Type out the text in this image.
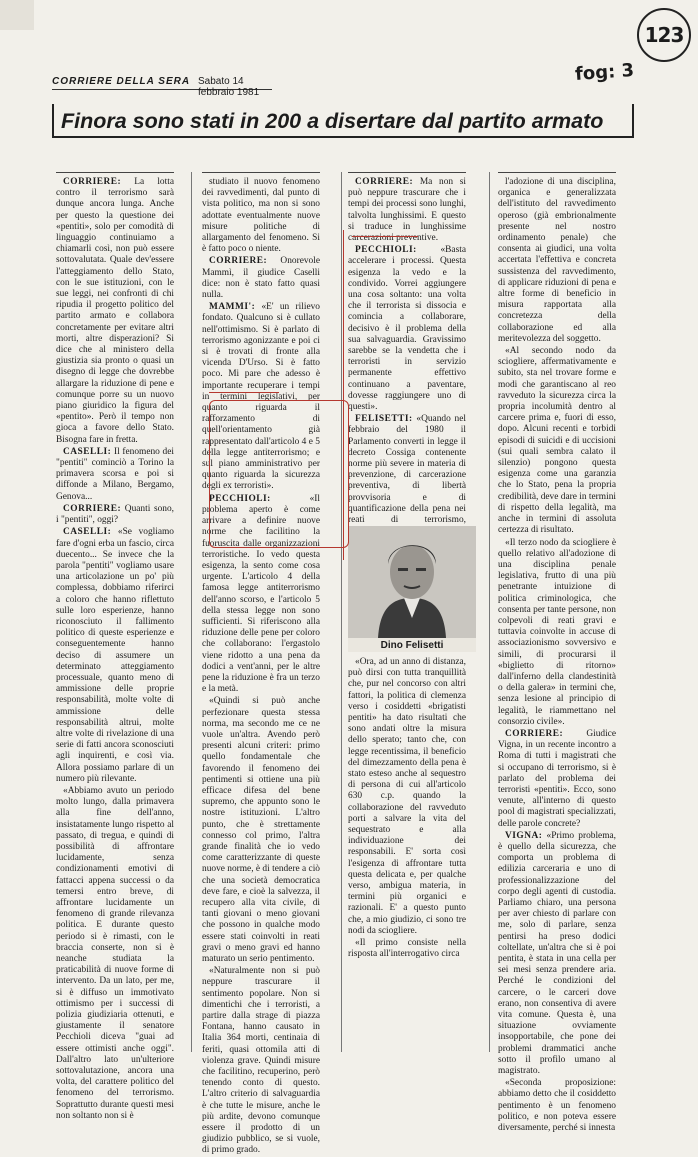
123
fog: 3
CORRIERE DELLA SERA Sabato 14 febbraio 1981
Finora sono stati in 200 a disertare dal partito armato

CORRIERE: La lotta contro il terrorismo sarà dunque ancora lunga. Anche per questo la questione dei «pentiti», solo per comodità di linguaggio continuiamo a chiamarli così, non può essere sottovalutata. Quale dev'essere l'atteggiamento dello Stato, con le sue istituzioni, con le sue leggi, nei confronti di chi ripudia il progetto politico del partito armato e collabora concretamente per evitare altri morti, altre disperazioni? Si dice che al ministero della giustizia sia pronto o quasi un disegno di legge che dovrebbe allargare la riduzione di pene e comunque porre su un nuovo piano giuridico la figura del «pentito». Però il tempo non gioca a favore dello Stato. Bisogna fare in fretta.

CASELLI: Il fenomeno dei "pentiti" cominciò a Torino la primavera scorsa e poi si diffonde a Milano, Bergamo, Genova...

CORRIERE: Quanti sono, i "pentiti", oggi?

CASELLI: «Se vogliamo fare d'ogni erba un fascio, circa duecento... Se invece che la parola "pentiti" vogliamo usare una articolazione un po' più complessa, dobbiamo riferirci a coloro che hanno riflettuto sulle loro esperienze, hanno riconosciuto il fallimento politico di queste esperienze e conseguentemente hanno deciso di assumere un determinato atteggiamento processuale, quanto meno di ammissione delle proprie responsabilità, molte volte di ammissione delle responsabilità altrui, molte altre volte di rivelazione di una serie di fatti ancora sconosciuti agli inquirenti, e così via. Allora possiamo parlare di un numero più rilevante.

«Abbiamo avuto un periodo molto lungo, dalla primavera alla fine dell'anno, insistatamente lungo rispetto al passato, di tregua, e quindi di possibilità di affrontare lucidamente, senza condizionamenti emotivi di fattacci appena successi o da temersi entro breve, di affrontare lucidamente un fenomeno di grande rilevanza politica. E durante questo periodo si è rimasti, con le braccia conserte, non si è neanche studiata la praticabilità di nuove forme di intervento. Da un lato, per me, si è diffuso un immotivato ottimismo per i successi di polizia giudiziaria ottenuti, e giustamente il senatore Pecchioli diceva "guai ad essere ottimisti anche oggi". Dall'altro lato un'ulteriore sottovalutazione, ancora una volta, del carattere politico del fenomeno del terrorismo. Soprattutto durante questi mesi non soltanto non si è

studiato il nuovo fenomeno dei ravvedimenti, dal punto di vista politico, ma non si sono adottate eventualmente nuove misure politiche di allargamento del fenomeno. Si è fatto poco o niente.

CORRIERE: Onorevole Mammì, il giudice Caselli dice: non è stato fatto quasi nulla.

MAMMI': «E' un rilievo fondato. Qualcuno si è cullato nell'ottimismo. Si è parlato di terrorismo agonizzante e poi ci si è trovati di fronte alla vicenda D'Urso. Si è fatto poco. Mi pare che adesso è importante recuperare i tempi in termini legislativi, per quanto riguarda il rafforzamento di quell'orientamento già rappresentato dall'articolo 4 e 5 della legge antiterrorismo; e sul piano amministrativo per quanto riguarda la sicurezza degli ex terroristi».

PECCHIOLI:	«Il problema aperto è come arrivare a definire nuove norme che facilitino la fuoruscita dalle organizzazioni terroristiche. Io vedo questa esigenza, la sento come cosa urgente. L'articolo 4 della famosa legge antiterrorismo dell'anno scorso, e l'articolo 5 della stessa legge non sono sufficienti. Si riferiscono alla riduzione delle pene per coloro che collaborano: l'ergastolo viene ridotto a una pena da dodici a vent'anni, per le altre pene la riduzione è fra un terzo e la metà.

«Quindi si può anche perfezionare questa stessa norma, ma secondo me ce ne vuole un'altra. Avendo però presenti alcuni criteri: primo quello fondamentale che favorendo il fenomeno dei pentimenti si ottiene una più efficace difesa del bene supremo, che appunto sono le nostre istituzioni. L'altro punto, che è strettamente connesso col primo, l'altra grande finalità che io vedo come caratterizzante di queste nuove norme, è di tendere a ciò che una società democratica deve fare, e cioè la salvezza, il recupero alla vita civile, di tanti giovani o meno giovani che possono in qualche modo essere stati coinvolti in reati gravi o meno gravi ed hanno maturato un serio pentimento.

«Naturalmente non si può neppure trascurare il sentimento popolare. Non si dimentichi che i terroristi, a partire dalla strage di piazza Fontana, hanno causato in Italia 364 morti, centinaia di feriti, quasi ottomila atti di violenza grave. Quindi misure che facilitino, recuperino, però tenendo conto di questo. L'altro criterio di salvaguardia è che tutte le misure, anche le più ardite, devono comunque essere il prodotto di un giudizio pubblico, se si vuole, di primo grado.

CORRIERE: Ma non si può neppure trascurare che i tempi dei processi sono lunghi, talvolta lunghissimi. E questo si traduce in lunghissime carcerazioni preventive.

PECCHIOLI:	«Basta accelerare i processi. Questa esigenza la vedo e la condivido. Vorrei aggiungere una cosa soltanto: una volta che il terrorista si dissocia e comincia a collaborare, decisivo è il problema della sua salvaguardia. Gravissimo sarebbe se la vendetta che i terroristi in servizio permanente effettivo continuano a paventare, dovesse raggiungere uno di questi».

FELISETTI: «Quando nel febbraio del 1980 il Parlamento converti in legge il decreto Cossiga contenente norme più severe in materia di prevenzione, di carcerazione preventiva, di libertà provvisoria e di quantificazione della pena nei reati di terrorismo,

Dino Felisetti

«Ora, ad un anno di distanza, può dirsi con tutta tranquillità che, pur nel concorso con altri fattori, la politica di clemenza verso i cosiddetti «brigatisti pentiti» ha dato risultati che sono andati oltre la misura dello sperato; tanto che, con legge recentissima, il beneficio del dimezzamento della pena è stato esteso anche al sequestro di persona di cui all'articolo 630 c.p. quando la collaborazione del ravveduto porti a salvare la vita del sequestrato e alla individuazione dei responsabili. E' sorta così l'esigenza di affrontare tutta questa delicata e, per qualche verso, ambigua materia, in termini più organici e razionali. E' a questo punto che, a mio giudizio, ci sono tre nodi da sciogliere.

«Il primo consiste nella risposta all'interrogativo circa

l'adozione di una disciplina, organica e generalizzata dell'istituto del ravvedimento operoso (già embrionalmente presente nel nostro ordinamento penale) che consenta ai giudici, una volta accertata l'effettiva e concreta sussistenza del ravvedimento, di applicare riduzioni di pena e altre forme di beneficio in misura rapportata alla concretezza della collaborazione ed alla meritevolezza del soggetto.

«Al secondo nodo da sciogliere, affermativamente e subito, sta nel trovare forme e modi che garantiscano al reo ravveduto la sicurezza circa la propria incolumità dentro al carcere prima e, fuori di esso, dopo. Alcuni recenti e torbidi episodi di suicidi e di uccisioni (sui quali sembra calato il silenzio) pongono questa esigenza come una garanzia che lo Stato, pena la propria credibilità, deve dare in termini di rispetto della legalità, ma anche in termini di assoluta certezza di risultato.

«Il terzo nodo da sciogliere è quello relativo all'adozione di una disciplina penale legislativa, frutto di una più penetrante intuizione di politica criminologica, che consenta per tante persone, non colpevoli di reati gravi e tuttavia coinvolte in accuse di associazionismo sovversivo e simili, di procurarsi il «biglietto di ritorno» dall'inferno della clandestinità o della galera» in termini che, senza lesione al principio di legalità, le riammettano nel consorzio civile».

CORRIERE: Giudice Vigna, in un recente incontro a Roma di tutti i magistrati che si occupano di terrorismo, si è parlato del problema dei terroristi «pentiti». Ecco, sono venute, all'interno di questo pool di magistrati specializzati, delle parole concrete?

VIGNA: «Primo problema, è quello della sicurezza, che comporta un problema di edilizia carceraria e uno di professionalizzazione del corpo degli agenti di custodia. Parliamo chiaro, una persona per aver chiesto di parlare con me, solo di parlare, senza pentirsi ha preso dodici coltellate, un'altra che si è poi pentita, è stata in una cella per sei mesi senza prendere aria. Perché le condizioni del carcere, o le carceri dove erano, non consentiva di avere vita comune. Questa è, una situazione ovviamente insopportabile, che pone dei problemi drammatici anche sotto il profilo umano al magistrato.

«Seconda proposizione: abbiamo detto che il cosiddetto pentimento è un fenomeno politico, e non poteva essere diversamente, perché si innesta
